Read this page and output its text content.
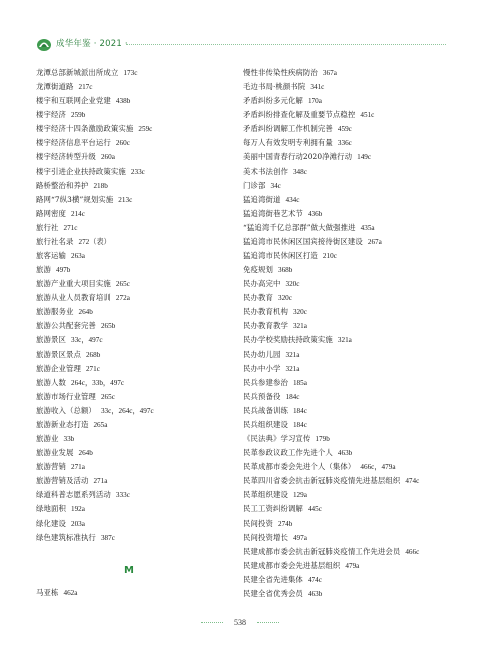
成华年鉴 · 2021 ·
龙潭总部新城派出所成立 173c
龙潭街道路 217c
楼宇和互联网企业党建 438b
楼宇经济 259b
楼宇经济十四条激励政策实施 259c
楼宇经济信息平台运行 260c
楼宇经济转型升级 260a
楼宇引进企业扶持政策实施 233c
路桥整治和养护 218b
路网“7纵3横”规划实施 213c
路网密度 214c
旅行社 271c
旅行社名录 272（表）
旅客运输 263a
旅游 497b
旅游产业重大项目实施 265c
旅游从业人员教育培训 272a
旅游服务业 264b
旅游公共配套完善 265b
旅游景区 33c，497c
旅游景区景点 268b
旅游企业管理 271c
旅游人数 264c，33b，497c
旅游市场行业管理 265c
旅游收入（总额） 33c，264c，497c
旅游新业态打造 265a
旅游业 33b
旅游业发展 264b
旅游营销 271a
旅游营销及活动 271a
绿道科普志愿系列活动 333c
绿地面积 192a
绿化建设 203a
绿色建筑标准执行 387c
慢性非传染性疾病防治 367a
毛边书局·桃颜书院 341c
矛盾纠纷多元化解 170a
矛盾纠纷排查化解及重要节点稳控 451c
矛盾纠纷调解工作机制完善 459c
每万人有效发明专利拥有量 336c
美丽中国青春行动2020净滩行动 149c
美术书法创作 348c
门诊部 34c
猛追湾街道 434c
猛追湾街巷艺术节 436b
“猛追湾千亿总部群”做大做强推进 435a
猛追湾市民休闲区国宾接待街区建设 267a
猛追湾市民休闲区打造 210c
免疫规划 368b
民办高完中 320c
民办教育 320c
民办教育机构 320c
民办教育教学 321a
民办学校奖励扶持政策实施 321a
民办幼儿园 321a
民办中小学 321a
民兵参建参治 185a
民兵预备役 184c
民兵战备训练 184c
民兵组织建设 184c
《民法典》学习宣传 179b
民革参政议政工作先进个人 463b
民革成都市委会先进个人（集体） 466c，479a
民革四川省委会抗击新冠肺炎疫情先进基层组织 474c
民革组织建设 129a
民工工资纠纷调解 445c
民间投资 274b
民间投资增长 497a
民建成都市委会抗击新冠肺炎疫情工作先进会员 466c
民建成都市委会先进基层组织 479a
民建全省先进集体 474c
民建全省优秀会员 463b
M
马亚栋 462a
538
